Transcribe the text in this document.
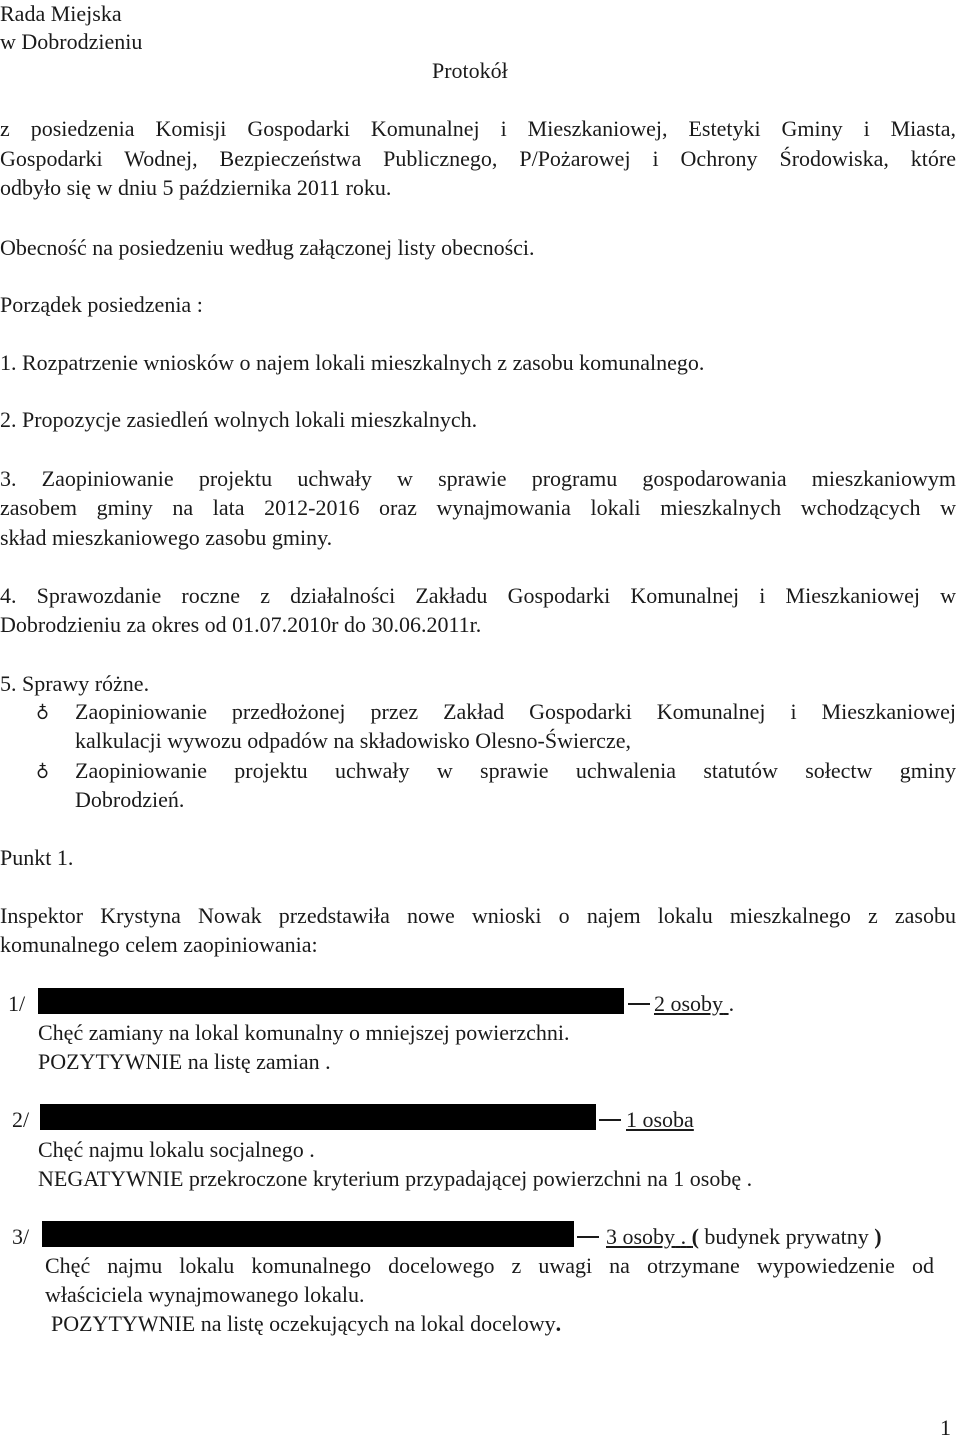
Rada Miejska
w Dobrodzieniu
Protokół
z posiedzenia Komisji Gospodarki Komunalnej i Mieszkaniowej, Estetyki Gminy i Miasta,
Gospodarki Wodnej, Bezpieczeństwa Publicznego, P/Pożarowej i Ochrony Środowiska, które
odbyło się w dniu 5 października 2011 roku.
Obecność na posiedzeniu według załączonej listy obecności.
Porządek posiedzenia :
1. Rozpatrzenie wniosków o najem lokali mieszkalnych z zasobu komunalnego.
2. Propozycje zasiedleń wolnych lokali mieszkalnych.
3. Zaopiniowanie projektu uchwały w sprawie programu gospodarowania mieszkaniowym
zasobem gminy na lata 2012-2016 oraz wynajmowania lokali mieszkalnych wchodzących w
skład mieszkaniowego zasobu gminy.
4. Sprawozdanie roczne z działalności Zakładu Gospodarki Komunalnej i Mieszkaniowej w
Dobrodzieniu za okres od 01.07.2010r do 30.06.2011r.
5. Sprawy różne.
♁ Zaopiniowanie przedłożonej przez Zakład Gospodarki Komunalnej i Mieszkaniowej
kalkulacji wywozu odpadów na składowisko Olesno-Świercze,
♁ Zaopiniowanie projektu uchwały w sprawie uchwalenia statutów sołectw gminy
Dobrodzień.
Punkt 1.
Inspektor Krystyna Nowak przedstawiła nowe wnioski o najem lokalu mieszkalnego z zasobu
komunalnego celem zaopiniowania:
1/	2 osoby .
Chęć zamiany na lokal komunalny o mniejszej powierzchni.
POZYTYWNIE na listę zamian .
2/	1 osoba
Chęć najmu lokalu socjalnego .
NEGATYWNIE przekroczone kryterium przypadającej powierzchni na 1 osobę .
3/	3 osoby . ( budynek prywatny )
Chęć najmu lokalu komunalnego docelowego z uwagi na otrzymane wypowiedzenie od
właściciela wynajmowanego lokalu.
POZYTYWNIE na listę oczekujących na lokal docelowy.
1
